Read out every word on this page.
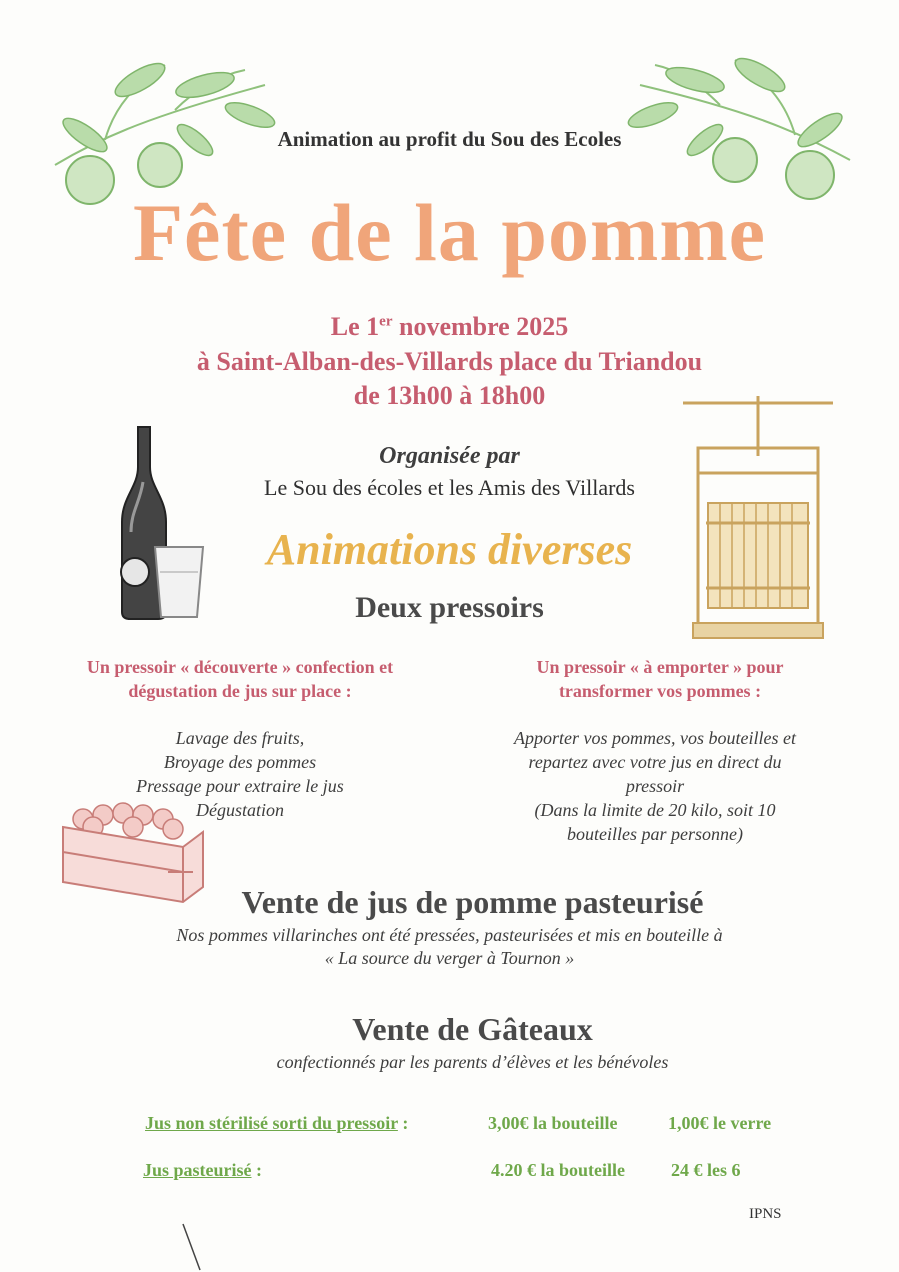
Animation au profit du Sou des Ecoles
Fête de la pomme
Le 1er novembre 2025
à Saint-Alban-des-Villards place du Triandou
de 13h00 à 18h00
Organisée par
Le Sou des écoles et les Amis des Villards
Animations diverses
Deux pressoirs
Un pressoir « découverte » confection et
dégustation de jus sur place :
Lavage des fruits,
Broyage des pommes
Pressage pour extraire le jus
Dégustation
Un pressoir « à emporter » pour
transformer vos pommes :
Apporter vos pommes, vos bouteilles et
repartez avec votre jus en direct du
pressoir
(Dans la limite de 20 kilo, soit 10
bouteilles par personne)
Vente de jus de pomme pasteurisé
Nos pommes villarinches ont été pressées, pasteurisées et mis en bouteille à
« La source du verger à Tournon »
Vente de Gâteaux
confectionnés par les parents d’élèves et les bénévoles
Jus non stérilisé sorti du pressoir :	3,00€ la bouteille	1,00€ le verre
Jus pasteurisé :	4.20 € la bouteille	24 € les 6
IPNS
